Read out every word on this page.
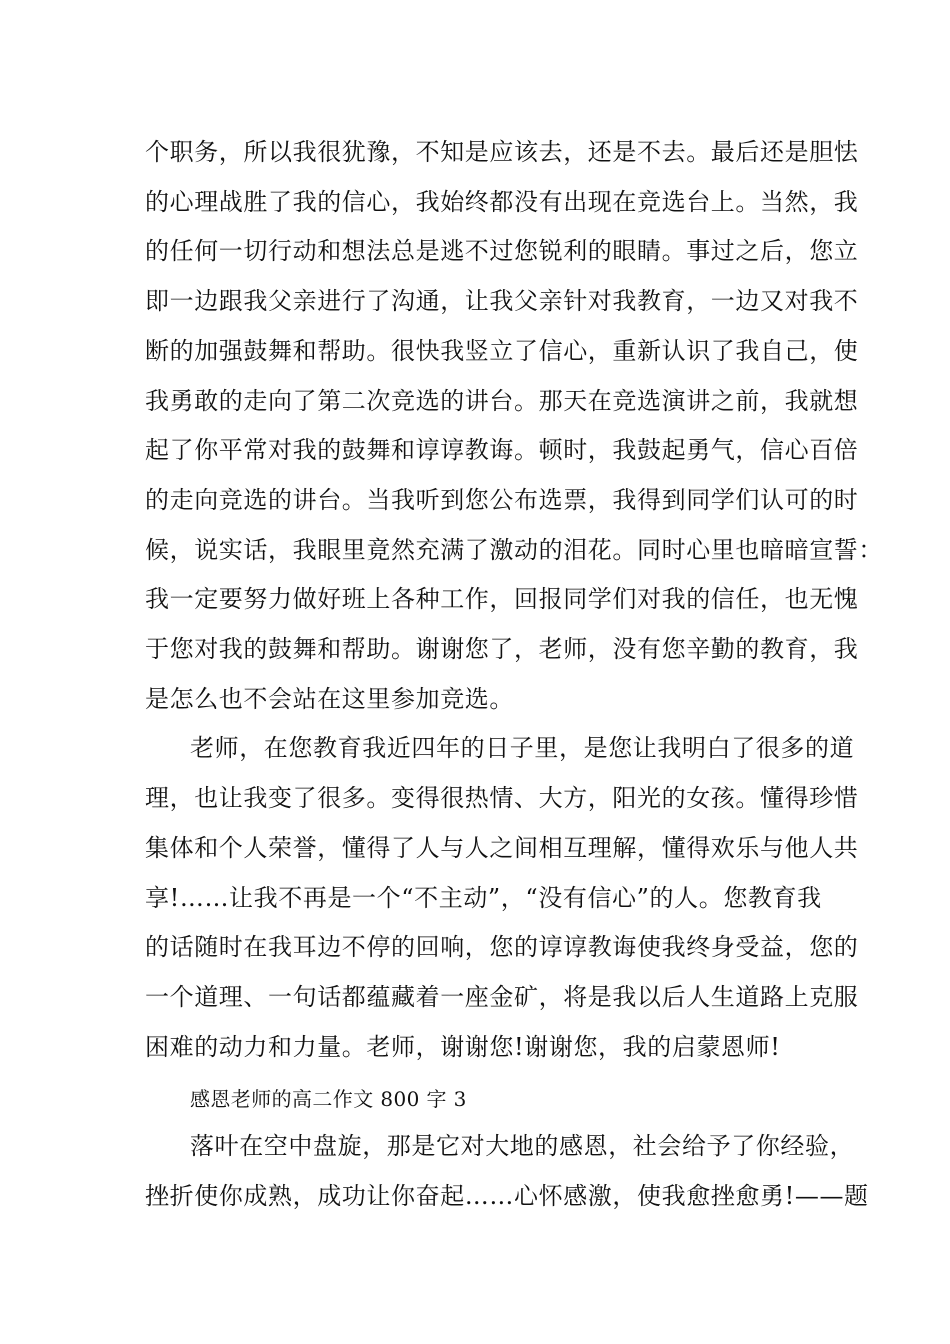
个职务，所以我很犹豫，不知是应该去，还是不去。最后还是胆怯
的心理战胜了我的信心，我始终都没有出现在竞选台上。当然，我
的任何一切行动和想法总是逃不过您锐利的眼睛。事过之后，您立
即一边跟我父亲进行了沟通，让我父亲针对我教育，一边又对我不
断的加强鼓舞和帮助。很快我竖立了信心，重新认识了我自己，使
我勇敢的走向了第二次竞选的讲台。那天在竞选演讲之前，我就想
起了你平常对我的鼓舞和谆谆教诲。顿时，我鼓起勇气，信心百倍
的走向竞选的讲台。当我听到您公布选票，我得到同学们认可的时
候，说实话，我眼里竟然充满了激动的泪花。同时心里也暗暗宣誓：
我一定要努力做好班上各种工作，回报同学们对我的信任，也无愧
于您对我的鼓舞和帮助。谢谢您了，老师，没有您辛勤的教育，我
是怎么也不会站在这里参加竞选。
老师，在您教育我近四年的日子里，是您让我明白了很多的道
理，也让我变了很多。变得很热情、大方，阳光的女孩。懂得珍惜
集体和个人荣誉，懂得了人与人之间相互理解，懂得欢乐与他人共
享!……让我不再是一个“不主动”，“没有信心”的人。您教育我
的话随时在我耳边不停的回响，您的谆谆教诲使我终身受益，您的
一个道理、一句话都蕴藏着一座金矿，将是我以后人生道路上克服
困难的动力和力量。老师，谢谢您!谢谢您，我的启蒙恩师!
感恩老师的高二作文 800 字 3
落叶在空中盘旋，那是它对大地的感恩，社会给予了你经验，
挫折使你成熟，成功让你奋起……心怀感激，使我愈挫愈勇!——题
